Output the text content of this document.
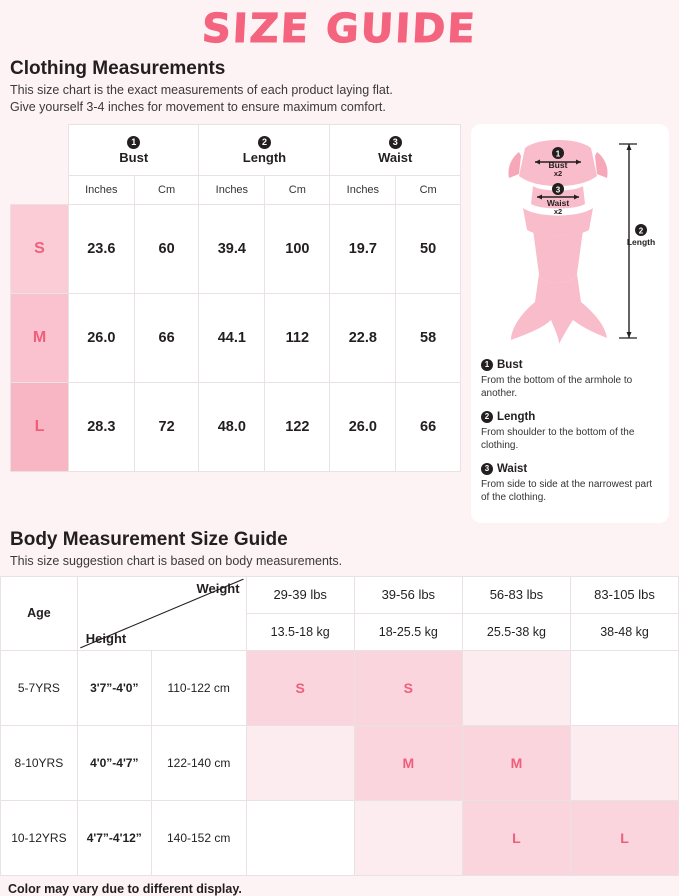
SIZE GUIDE
Clothing Measurements
This size chart is the exact measurements of each product laying flat.
Give yourself 3-4 inches for movement to ensure maximum comfort.
	1
Bust		2
Length		3
Waist	
	Inches	Cm	Inches	Cm	Inches	Cm
S	23.6	60	39.4	100	19.7	50
M	26.0	66	44.1	112	22.8	58
L	28.3	72	48.0	122	26.0	66
1
Bust
x2
3
Waist
x2
2
Length
1 Bust
From the bottom of the armhole to another.
2 Length
From shoulder to the bottom of the clothing.
3 Waist
From side to side at the narrowest part of the clothing.
Body Measurement Size Guide
This size suggestion chart is based on body measurements.
Age	Weight
Height		29-39 lbs	39-56 lbs	56-83 lbs	83-105 lbs
			13.5-18 kg	18-25.5 kg	25.5-38 kg	38-48 kg
5-7YRS	3'7”-4'0”	110-122 cm	S	S		
8-10YRS	4'0”-4'7”	122-140 cm		M	M	
10-12YRS	4'7”-4'12”	140-152 cm			L	L
Color may vary due to different display.
